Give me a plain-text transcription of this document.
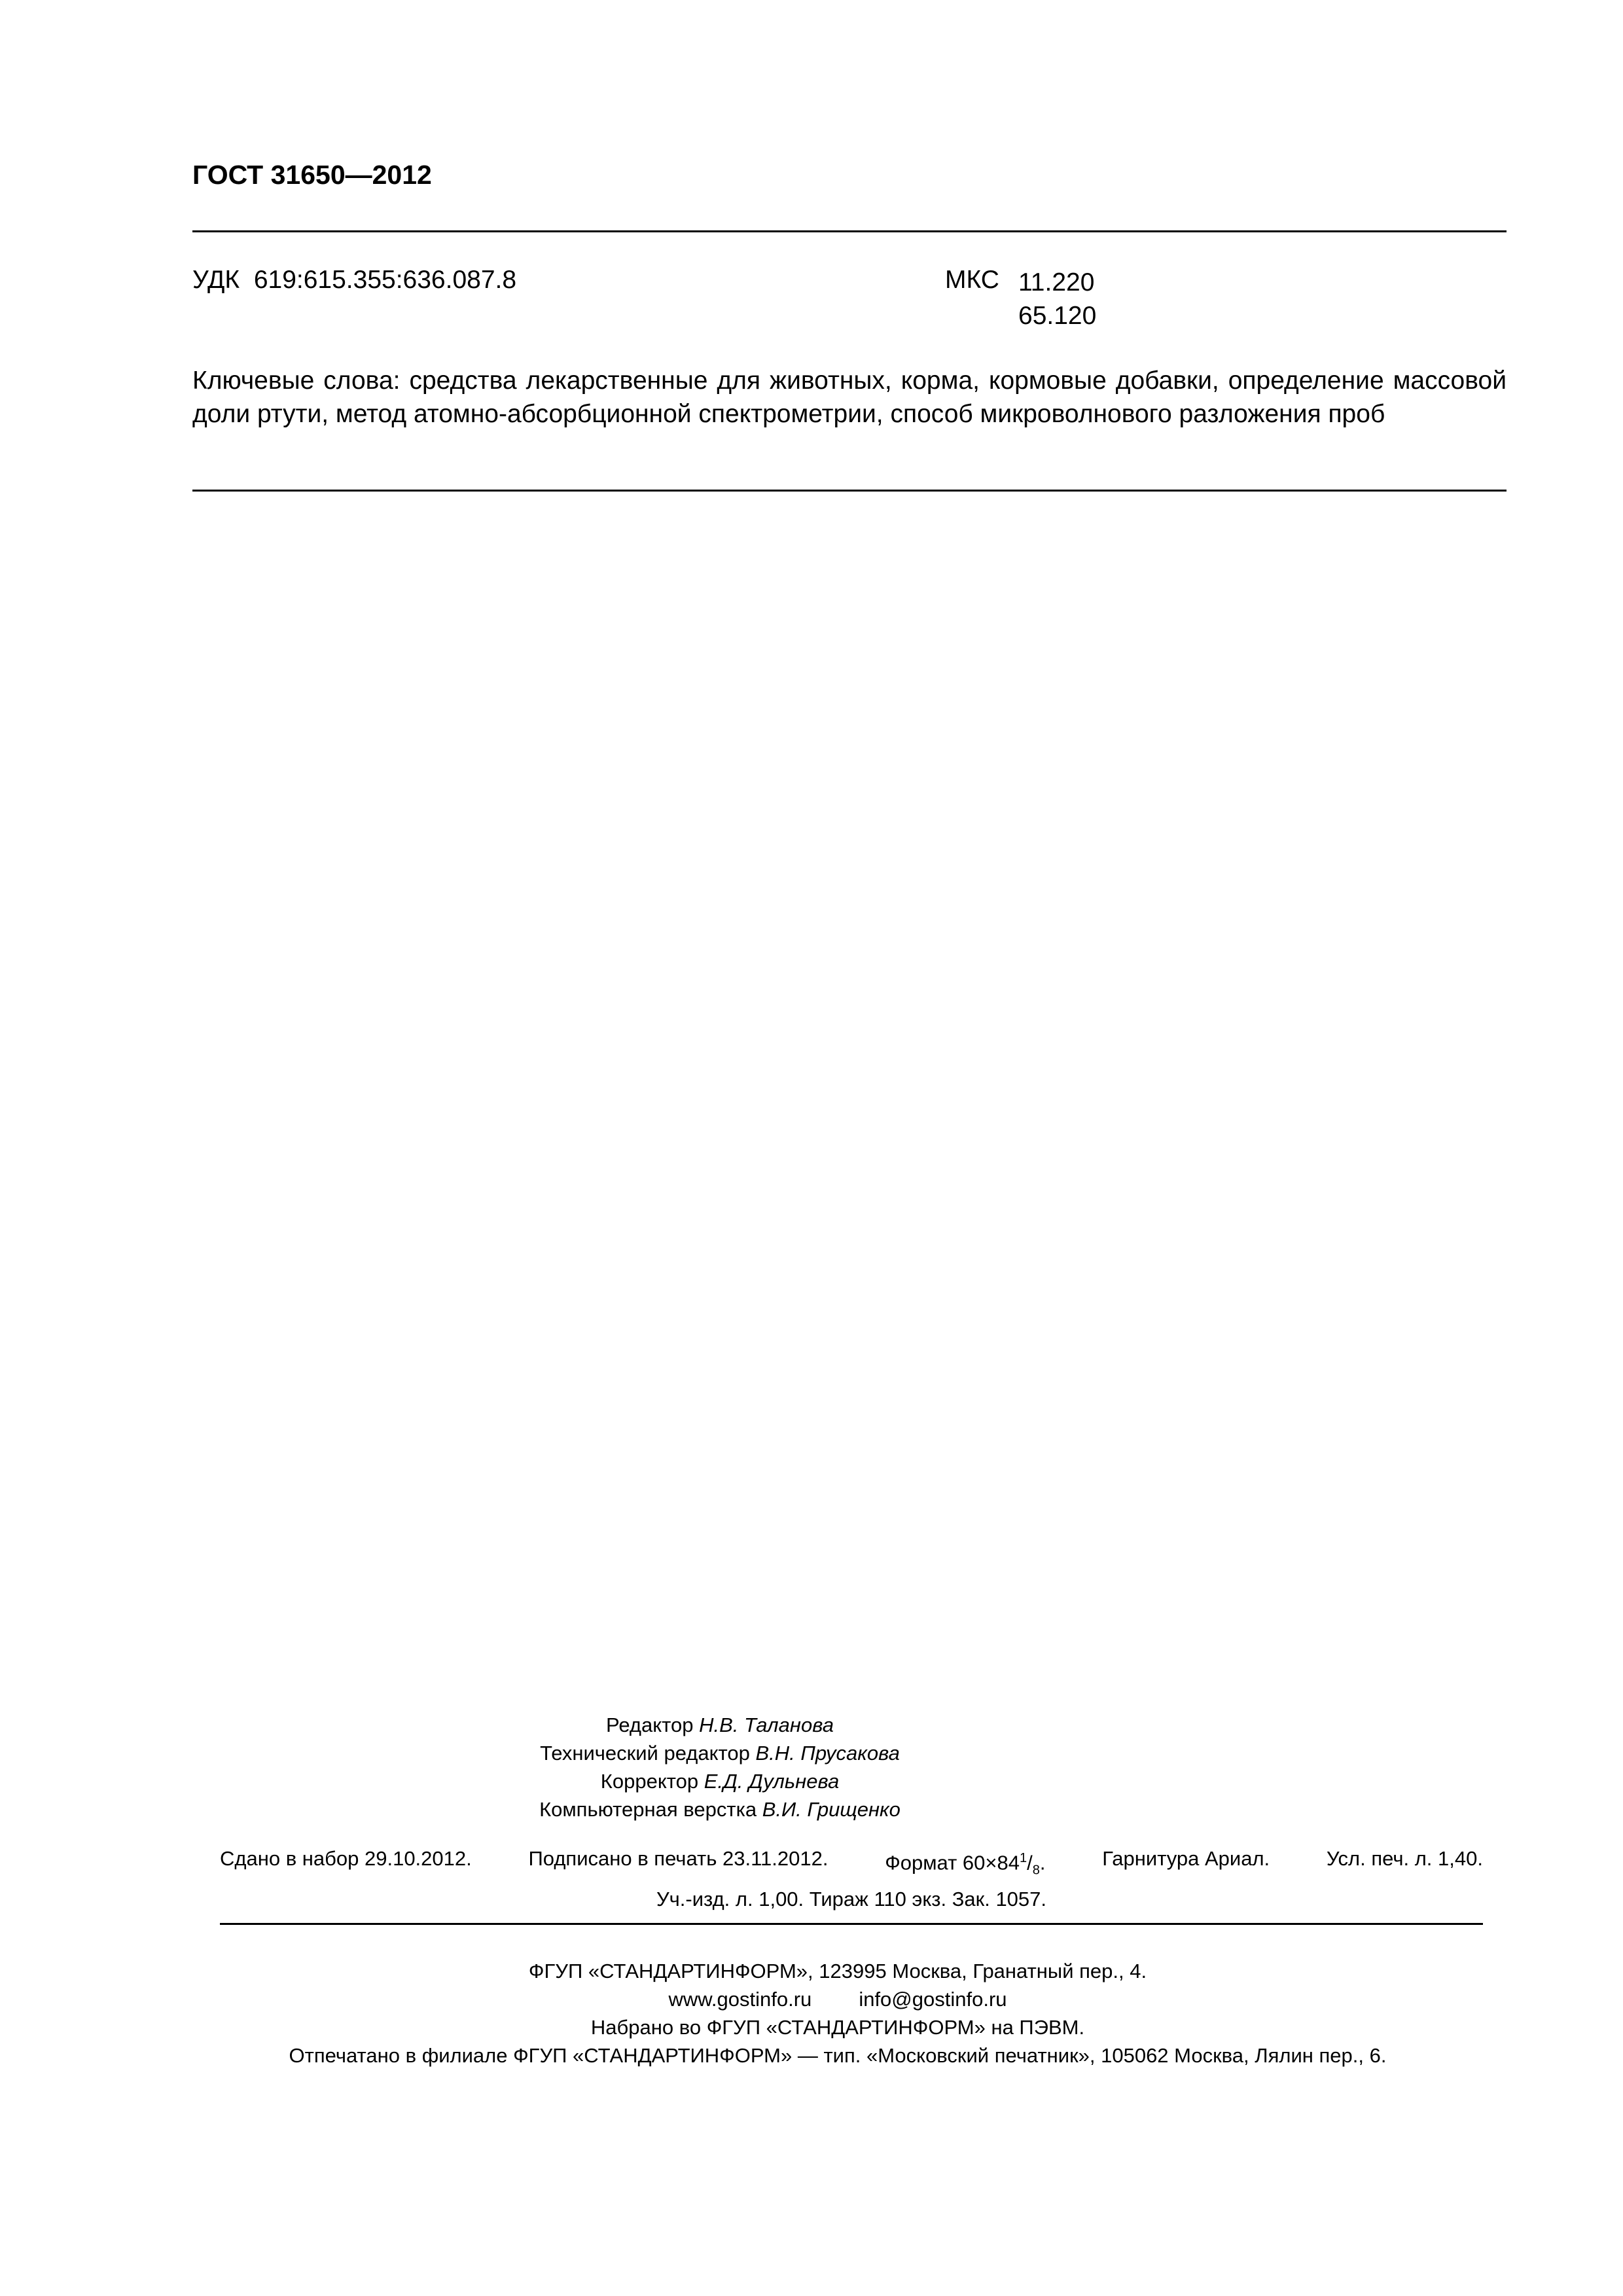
ГОСТ 31650—2012
УДК 619:615.355:636.087.8	МКС 11.220
65.120
Ключевые слова: средства лекарственные для животных, корма, кормовые добавки, определение массовой доли ртути, метод атомно-абсорбционной спектрометрии, способ микроволнового разложения проб
Редактор Н.В. Таланова
Технический редактор В.Н. Прусакова
Корректор Е.Д. Дульнева
Компьютерная верстка В.И. Грищенко
Сдано в набор 29.10.2012.	Подписано в печать 23.11.2012.	Формат $60\times 84^1/_8$.	Гарнитура Ариал.	Усл. печ. л. 1,40.
Уч.-изд. л. 1,00. Тираж 110 экз. Зак. 1057.
ФГУП «СТАНДАРТИНФОРМ», 123995 Москва, Гранатный пер., 4.
www.gostinfo.ru info@gostinfo.ru
Набрано во ФГУП «СТАНДАРТИНФОРМ» на ПЭВМ.
Отпечатано в филиале ФГУП «СТАНДАРТИНФОРМ» — тип. «Московский печатник», 105062 Москва, Лялин пер., 6.
